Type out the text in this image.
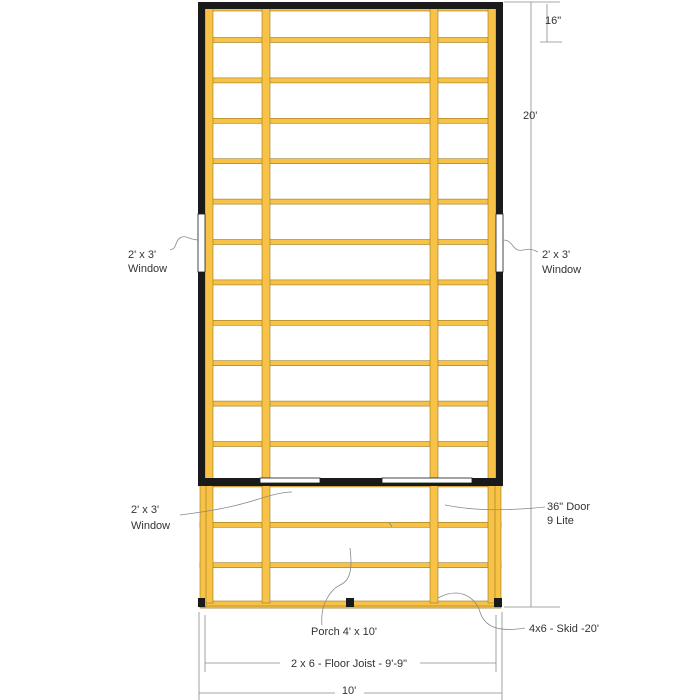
16"
20'
2' x 3'
Window
2' x 3'
Window
2' x 3'
Window
36" Door
9 Lite
Porch 4' x 10'	4x6 - Skid -20'
2 x 6 - Floor Joist - 9'-9"
10'
